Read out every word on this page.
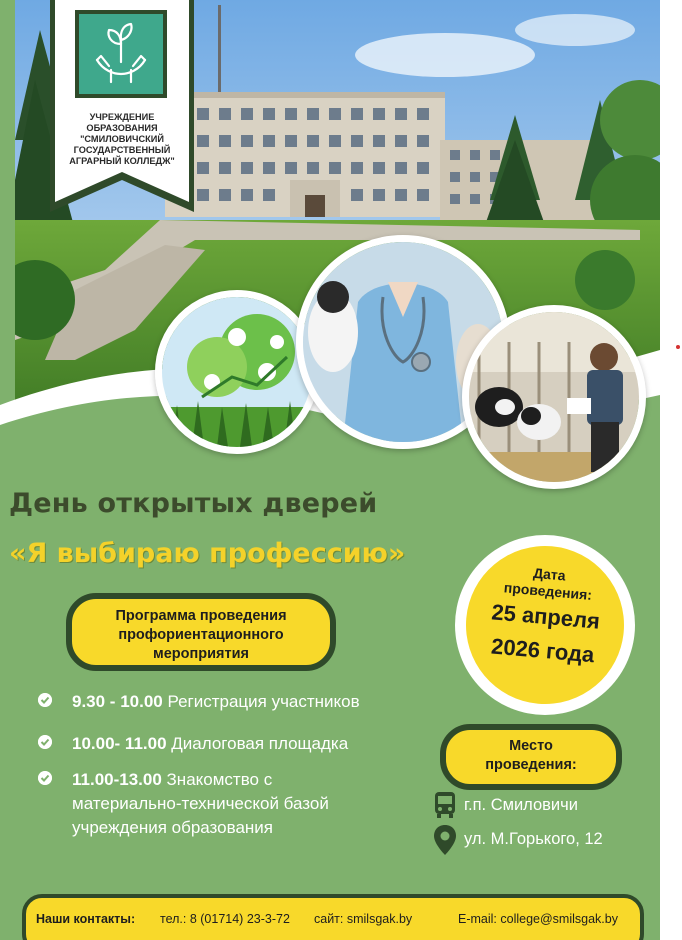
УЧРЕЖДЕНИЕ
ОБРАЗОВАНИЯ
"СМИЛОВИЧСКИЙ
ГОСУДАРСТВЕННЫЙ
АГРАРНЫЙ КОЛЛЕДЖ"
День открытых дверей
«Я выбираю профессию»
Программа проведения
профориентационного
мероприятия
Дата
проведения:
25 апреля
2026 года
9.30 - 10.00 Регистрация участников
10.00- 11.00 Диалоговая площадка
11.00-13.00 Знакомство с материально-технической базой учреждения образования
Место
проведения:
г.п. Смиловичи
ул. М.Горького, 12
Наши контакты: тел.: 8 (01714) 23-3-72 сайт: smilsgak.by	E-mail: college@smilsgak.by
